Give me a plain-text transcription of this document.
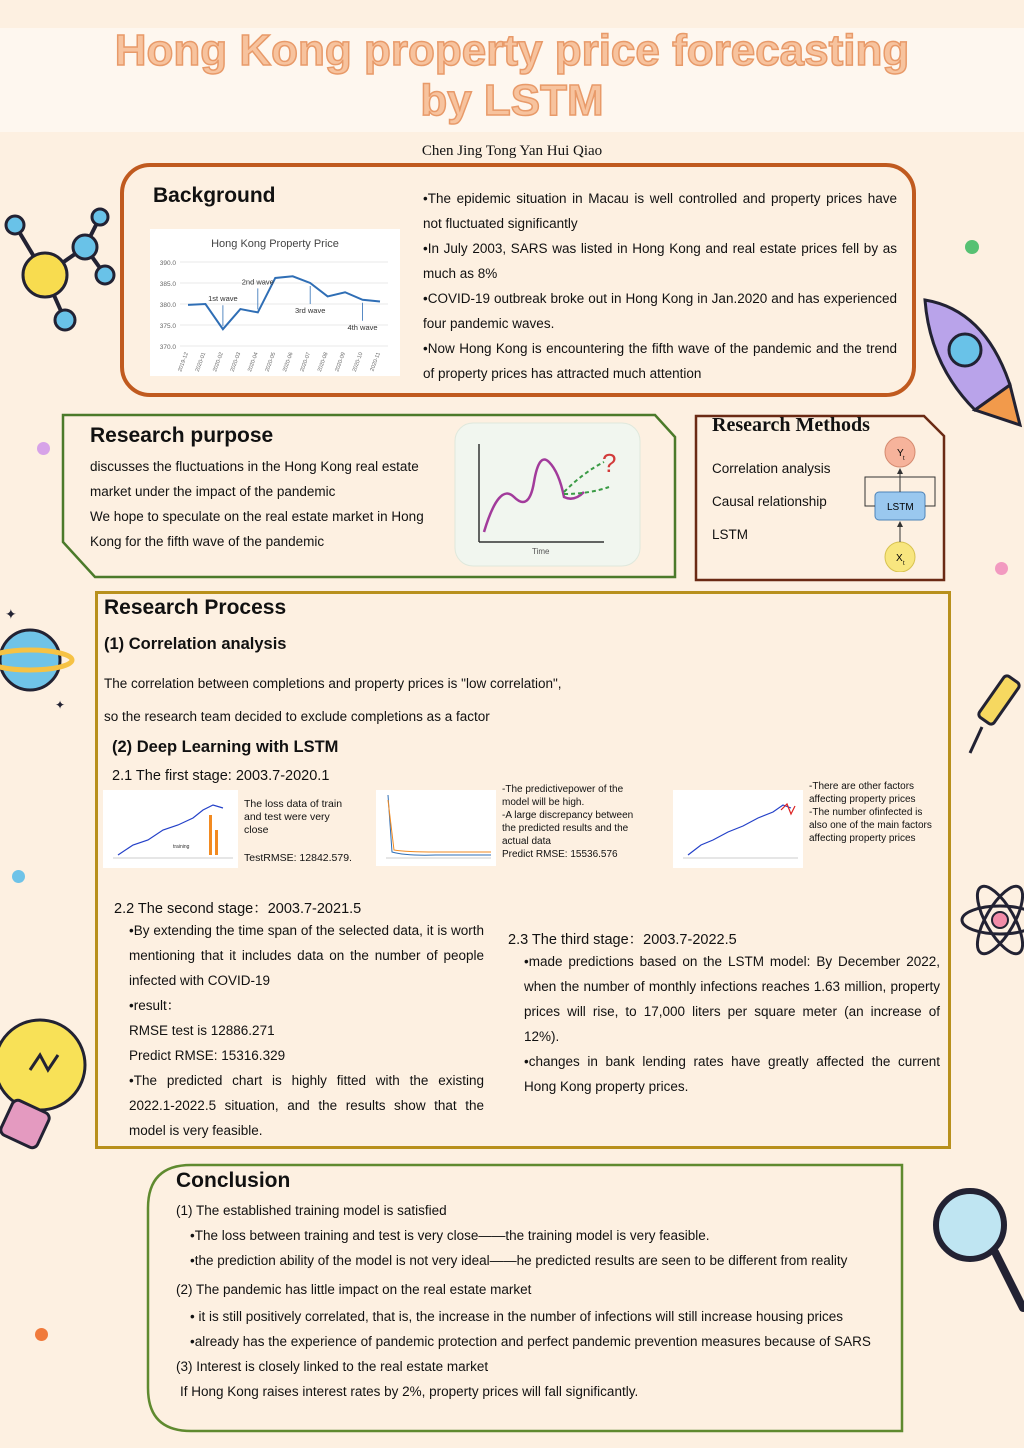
Hong Kong property price forecasting
by LSTM
Chen Jing Tong Yan Hui Qiao
✦
✦
Background
Hong Kong Property Price
390.0
385.0
380.0
375.0
370.0
2019-12 2020-01 2020-02 2020-03 2020-04 2020-05 2020-06 2020-07 2020-08 2020-09 2020-10 2020-11
1st wave
2nd wave
3rd wave
4th wave
•The epidemic situation in Macau is well controlled and property prices have not fluctuated significantly
•In July 2003, SARS was listed in Hong Kong and real estate prices fell by as much as 8%
•COVID-19 outbreak broke out in Hong Kong in Jan.2020 and has experienced four pandemic waves.
•Now Hong Kong is encountering the fifth wave of the pandemic and the trend of property prices has attracted much attention
Research purpose
discusses the fluctuations in the Hong Kong real estate market under the impact of the pandemic
We hope to speculate on the real estate market in Hong Kong for the fifth wave of the pandemic
?
Time
Research Methods
Correlation analysis
Causal relationship
LSTM
Y t
LSTM
X t
Research Process
(1) Correlation analysis
The correlation between completions and property prices is "low correlation",
so the research team decided to exclude completions as a factor
(2) Deep Learning with LSTM
2.1 The first stage: 2003.7-2020.1
training
The loss data of train and test were very close
TestRMSE: 12842.579.
-The predictivepower of the model will be high.
-A large discrepancy between the predicted results and the actual data
Predict RMSE: 15536.576
-There are other factors affecting property prices
-The number ofinfected is also one of the main factors affecting property prices
2.2 The second stage：2003.7-2021.5
•By extending the time span of the selected data, it is worth mentioning that it includes data on the number of people infected with COVID-19
•result：
RMSE test is 12886.271
Predict RMSE: 15316.329
•The predicted chart is highly fitted with the existing 2022.1-2022.5 situation, and the results show that the model is very feasible.
2.3 The third stage：2003.7-2022.5
•made predictions based on the LSTM model: By December 2022, when the number of monthly infections reaches 1.63 million, property prices will rise, to 17,000 liters per square meter (an increase of 12%).
•changes in bank lending rates have greatly affected the current Hong Kong property prices.
Conclusion
(1) The established training model is satisfied
•The loss between training and test is very close——the training model is very feasible.
•the prediction ability of the model is not very ideal——he predicted results are seen to be different from reality
(2) The pandemic has little impact on the real estate market
• it is still positively correlated, that is, the increase in the number of infections will still increase housing prices
•already has the experience of pandemic protection and perfect pandemic prevention measures because of SARS
(3) Interest is closely linked to the real estate market
If Hong Kong raises interest rates by 2%, property prices will fall significantly.
